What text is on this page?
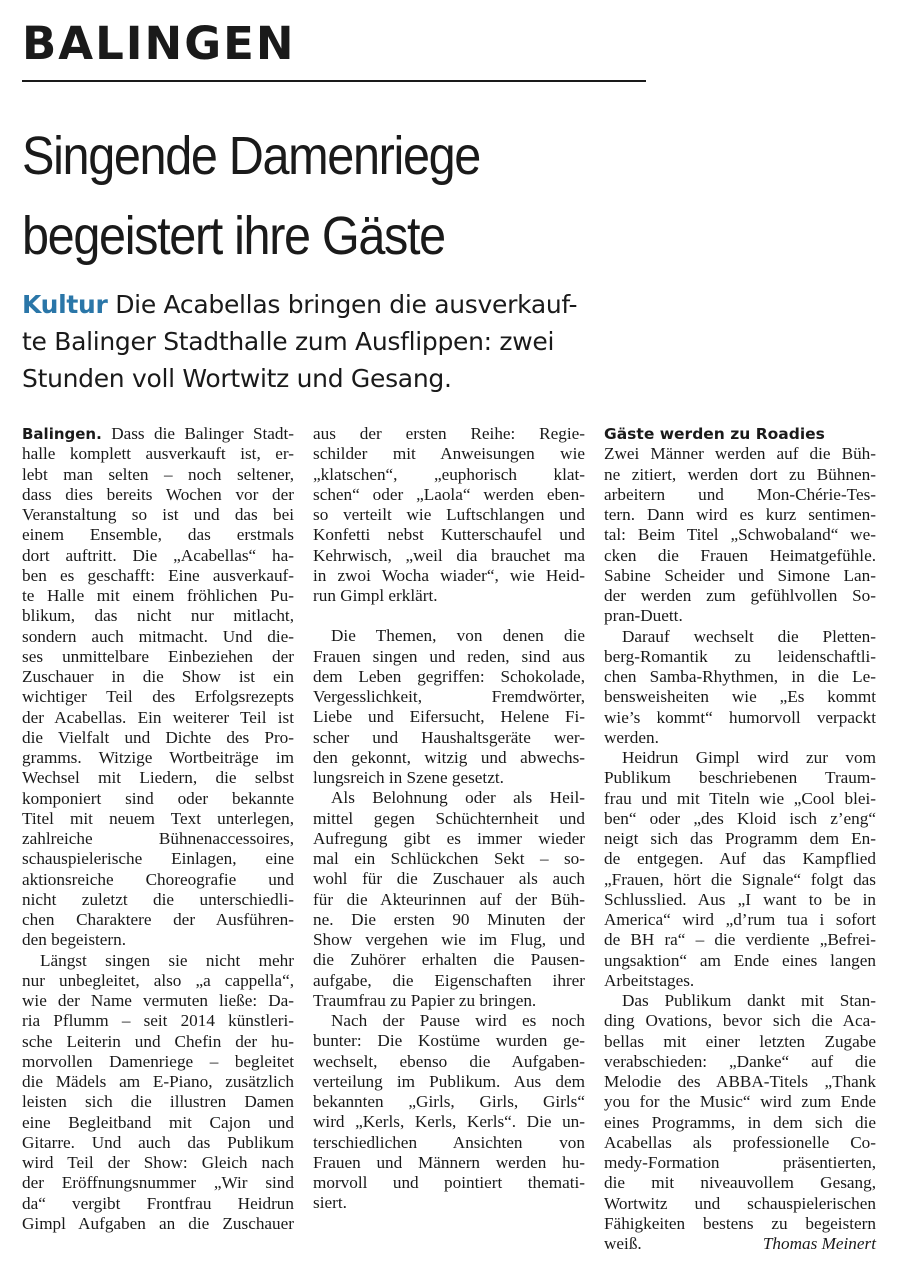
BALINGEN
Singende Damenriege
begeistert ihre Gäste
Kultur Die Acabellas bringen die ausverkauf-
te Balinger Stadthalle zum Ausflippen: zwei
Stunden voll Wortwitz und Gesang.
Balingen. Dass die Balinger Stadt-
halle komplett ausverkauft ist, er-
lebt man selten – noch seltener,
dass dies bereits Wochen vor der
Veranstaltung so ist und das bei
einem Ensemble, das erstmals
dort auftritt. Die „Acabellas“ ha-
ben es geschafft: Eine ausverkauf-
te Halle mit einem fröhlichen Pu-
blikum, das nicht nur mitlacht,
sondern auch mitmacht. Und die-
ses unmittelbare Einbeziehen der
Zuschauer in die Show ist ein
wichtiger Teil des Erfolgsrezepts
der Acabellas. Ein weiterer Teil ist
die Vielfalt und Dichte des Pro-
gramms. Witzige Wortbeiträge im
Wechsel mit Liedern, die selbst
komponiert sind oder bekannte
Titel mit neuem Text unterlegen,
zahlreiche Bühnenaccessoires,
schauspielerische Einlagen, eine
aktionsreiche Choreografie und
nicht zuletzt die unterschiedli-
chen Charaktere der Ausführen-
den begeistern.
Längst singen sie nicht mehr
nur unbegleitet, also „a cappella“,
wie der Name vermuten ließe: Da-
ria Pflumm – seit 2014 künstleri-
sche Leiterin und Chefin der hu-
morvollen Damenriege – begleitet
die Mädels am E-Piano, zusätzlich
leisten sich die illustren Damen
eine Begleitband mit Cajon und
Gitarre. Und auch das Publikum
wird Teil der Show: Gleich nach
der Eröffnungsnummer „Wir sind
da“ vergibt Frontfrau Heidrun
Gimpl Aufgaben an die Zuschauer
aus der ersten Reihe: Regie-
schilder mit Anweisungen wie
„klatschen“, „euphorisch klat-
schen“ oder „Laola“ werden eben-
so verteilt wie Luftschlangen und
Konfetti nebst Kutterschaufel und
Kehrwisch, „weil dia brauchet ma
in zwoi Wocha wiader“, wie Heid-
run Gimpl erklärt.
Die Themen, von denen die
Frauen singen und reden, sind aus
dem Leben gegriffen: Schokolade,
Vergesslichkeit, Fremdwörter,
Liebe und Eifersucht, Helene Fi-
scher und Haushaltsgeräte wer-
den gekonnt, witzig und abwechs-
lungsreich in Szene gesetzt.
Als Belohnung oder als Heil-
mittel gegen Schüchternheit und
Aufregung gibt es immer wieder
mal ein Schlückchen Sekt – so-
wohl für die Zuschauer als auch
für die Akteurinnen auf der Büh-
ne. Die ersten 90 Minuten der
Show vergehen wie im Flug, und
die Zuhörer erhalten die Pausen-
aufgabe, die Eigenschaften ihrer
Traumfrau zu Papier zu bringen.
Nach der Pause wird es noch
bunter: Die Kostüme wurden ge-
wechselt, ebenso die Aufgaben-
verteilung im Publikum. Aus dem
bekannten „Girls, Girls, Girls“
wird „Kerls, Kerls, Kerls“. Die un-
terschiedlichen Ansichten von
Frauen und Männern werden hu-
morvoll und pointiert themati-
siert.
Gäste werden zu Roadies
Zwei Männer werden auf die Büh-
ne zitiert, werden dort zu Bühnen-
arbeitern und Mon-Chérie-Tes-
tern. Dann wird es kurz sentimen-
tal: Beim Titel „Schwobaland“ we-
cken die Frauen Heimatgefühle.
Sabine Scheider und Simone Lan-
der werden zum gefühlvollen So-
pran-Duett.
Darauf wechselt die Pletten-
berg-Romantik zu leidenschaftli-
chen Samba-Rhythmen, in die Le-
bensweisheiten wie „Es kommt
wie’s kommt“ humorvoll verpackt
werden.
Heidrun Gimpl wird zur vom
Publikum beschriebenen Traum-
frau und mit Titeln wie „Cool blei-
ben“ oder „des Kloid isch z’eng“
neigt sich das Programm dem En-
de entgegen. Auf das Kampflied
„Frauen, hört die Signale“ folgt das
Schlusslied. Aus „I want to be in
America“ wird „d’rum tua i sofort
de BH ra“ – die verdiente „Befrei-
ungsaktion“ am Ende eines langen
Arbeitstages.
Das Publikum dankt mit Stan-
ding Ovations, bevor sich die Aca-
bellas mit einer letzten Zugabe
verabschieden: „Danke“ auf die
Melodie des ABBA-Titels „Thank
you for the Music“ wird zum Ende
eines Programms, in dem sich die
Acabellas als professionelle Co-
medy-Formation präsentierten,
die mit niveauvollem Gesang,
Wortwitz und schauspielerischen
Fähigkeiten bestens zu begeistern
weiß.	Thomas Meinert
